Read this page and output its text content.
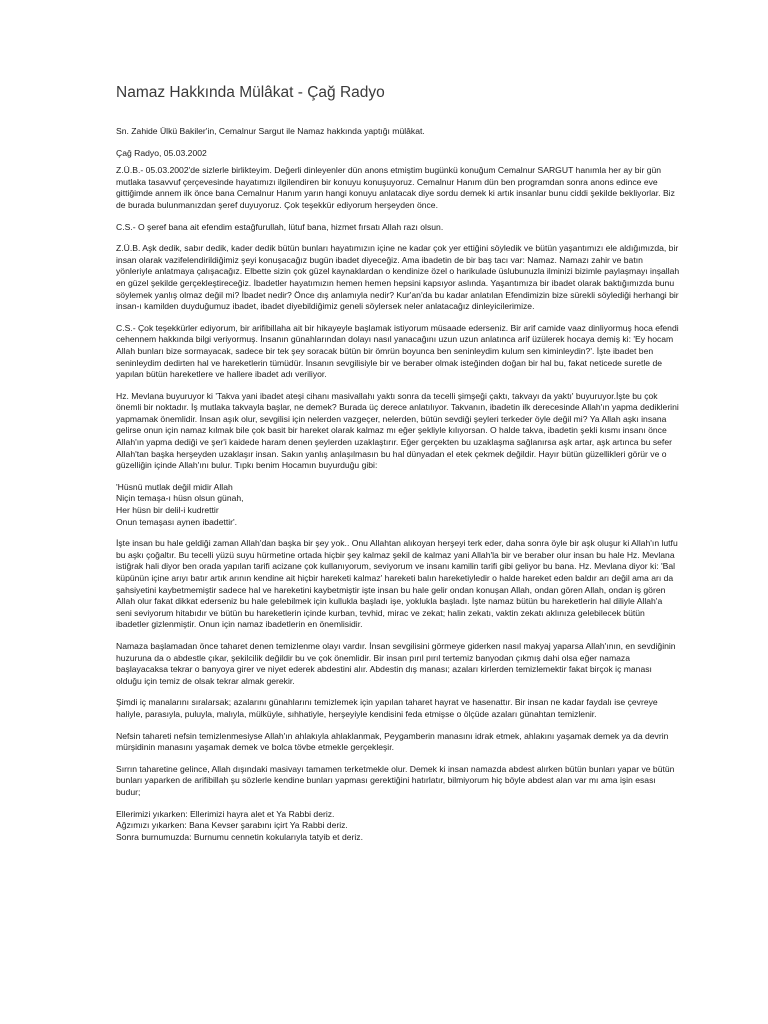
Namaz Hakkında Mülâkat - Çağ Radyo

Sn. Zahide Ülkü Bakiler'in, Cemalnur Sargut ile Namaz hakkında yaptığı mülâkat.

Çağ Radyo, 05.03.2002

Z.Ü.B.- 05.03.2002'de sizlerle birlikteyim. Değerli dinleyenler dün anons etmiştim bugünkü konuğum Cemalnur SARGUT hanımla her ay bir gün mutlaka tasavvuf çerçevesinde hayatımızı ilgilendiren bir konuyu konuşuyoruz. Cemalnur Hanım dün ben programdan sonra anons edince eve gittiğimde annem ilk önce bana Cemalnur Hanım yarın hangi konuyu anlatacak diye sordu demek ki artık insanlar bunu ciddi şekilde bekliyorlar. Biz de burada bulunmanızdan şeref duyuyoruz. Çok teşekkür ediyorum herşeyden önce.

C.S.- O şeref bana ait efendim estağfurullah, lütuf bana, hizmet fırsatı Allah razı olsun.

Z.Ü.B. Aşk dedik, sabır dedik, kader dedik bütün bunları hayatımızın içine ne kadar çok yer ettiğini söyledik ve bütün yaşantımızı ele aldığımızda, bir insan olarak vazifelendirildiğimiz şeyi konuşacağız bugün ibadet diyeceğiz. Ama ibadetin de bir baş tacı var: Namaz. Namazı zahir ve batın yönleriyle anlatmaya çalışacağız. Elbette sizin çok güzel kaynaklardan o kendinize özel o harikulade üslubunuzla ilminizi bizimle paylaşmayı inşallah en güzel şekilde gerçekleştireceğiz. İbadetler hayatımızın hemen hemen hepsini kapsıyor aslında. Yaşantımıza bir ibadet olarak baktığımızda bunu söylemek yanlış olmaz değil mi? İbadet nedir? Önce dış anlamıyla nedir? Kur'an'da bu kadar anlatılan Efendimizin bize sürekli söylediği herhangi bir insan-ı kamilden duyduğumuz ibadet, ibadet diyebildiğimiz geneli söylersek neler anlatacağız dinleyicilerimize.

C.S.- Çok teşekkürler ediyorum, bir arifibillaha ait bir hikayeyle başlamak istiyorum müsaade ederseniz. Bir arif camide vaaz dinliyormuş hoca efendi cehennem hakkında bilgi veriyormuş. İnsanın günahlarından dolayı nasıl yanacağını uzun uzun anlatınca arif üzülerek hocaya demiş ki: 'Ey hocam Allah bunları bize sormayacak, sadece bir tek şey soracak bütün bir ömrün boyunca ben seninleydim kulum sen kiminleydin?'. İşte ibadet ben seninleydim dedirten hal ve hareketlerin tümüdür. İnsanın sevgilisiyle bir ve beraber olmak isteğinden doğan bir hal bu, fakat neticede suretle de yapılan bütün hareketlere ve hallere ibadet adı veriliyor.

Hz. Mevlana buyuruyor ki 'Takva yani ibadet ateşi cihanı masivallahı yaktı sonra da tecelli şimşeği çaktı, takvayı da yaktı' buyuruyor.İşte bu çok önemli bir noktadır. İş mutlaka takvayla başlar, ne demek? Burada üç derece anlatılıyor. Takvanın, ibadetin ilk derecesinde Allah'ın yapma dediklerini yapmamak önemlidir. İnsan aşık olur, sevgilisi için nelerden vazgeçer, nelerden, bütün sevdiği şeyleri terkeder öyle değil mi? Ya Allah aşkı insana gelirse onun için namaz kılmak bile çok basit bir hareket olarak kalmaz mı eğer şekliyle kılıyorsan. O halde takva, ibadetin şekli kısmı insanı önce Allah'ın yapma dediği ve şer'i kaidede haram denen şeylerden uzaklaştırır. Eğer gerçekten bu uzaklaşma sağlanırsa aşk artar, aşk artınca bu sefer Allah'tan başka herşeyden uzaklaşır insan. Sakın yanlış anlaşılmasın bu hal dünyadan el etek çekmek değildir. Hayır bütün güzellikleri görür ve o güzelliğin içinde Allah'ını bulur. Tıpkı benim Hocamın buyurduğu gibi:

'Hüsnü mutlak değil midir Allah
Niçin temaşa-ı hüsn olsun günah,
Her hüsn bir delil-i kudrettir
Onun temaşası aynen ibadettir'.

İşte insan bu hale geldiği zaman Allah'dan başka bir şey yok.. Onu Allahtan alıkoyan herşeyi terk eder, daha sonra öyle bir aşk oluşur ki Allah'ın lutfu bu aşkı çoğaltır. Bu tecelli yüzü suyu hürmetine ortada hiçbir şey kalmaz şekil de kalmaz yani Allah'la bir ve beraber olur insan bu hale Hz. Mevlana istiğrak hali diyor ben orada yapılan tarifi acizane çok kullanıyorum, seviyorum ve insanı kamilin tarifi gibi geliyor bu bana. Hz. Mevlana diyor ki: 'Bal küpünün içine arıyı batır artık arının kendine ait hiçbir hareketi kalmaz' hareketi balın hareketiyledir o halde hareket eden baldır arı değil ama arı da şahsiyetini kaybetmemiştir sadece hal ve hareketini kaybetmiştir işte insan bu hale gelir ondan konuşan Allah, ondan gören Allah, ondan iş gören Allah olur fakat dikkat ederseniz bu hale gelebilmek için kullukla başladı işe, yoklukla başladı. İşte namaz bütün bu hareketlerin hal diliyle Allah'a seni seviyorum hitabıdır ve bütün bu hareketlerin içinde kurban, tevhid, mirac ve zekat; halin zekatı, vaktin zekatı aklınıza gelebilecek bütün ibadetler gizlenmiştir. Onun için namaz ibadetlerin en önemlisidir.

Namaza başlamadan önce taharet denen temizlenme olayı vardır. İnsan sevgilisini görmeye giderken nasıl makyaj yaparsa Allah'ının, en sevdiğinin huzuruna da o abdestle çıkar, şekilcilik değildir bu ve çok önemlidir. Bir insan pırıl pırıl tertemiz banyodan çıkmış dahi olsa eğer namaza başlayacaksa tekrar o banyoya girer ve niyet ederek abdestini alır. Abdestin dış manası; azaları kirlerden temizlemektir fakat birçok iç manası olduğu için temiz de olsak tekrar almak gerekir.

Şimdi iç manalarını sıralarsak; azalarını günahlarını temizlemek için yapılan taharet hayrat ve hasenattır. Bir insan ne kadar faydalı ise çevreye haliyle, parasıyla, puluyla, malıyla, mülküyle, sıhhatiyle, herşeyiyle kendisini feda etmişse o ölçüde azaları günahtan temizlenir.

Nefsin tahareti nefsin temizlenmesiyse Allah'ın ahlakıyla ahlaklanmak, Peygamberin manasını idrak etmek, ahlakını yaşamak demek ya da devrin mürşidinin manasını yaşamak demek ve bolca tövbe etmekle gerçekleşir.

Sırrın taharetine gelince, Allah dışındaki masivayı tamamen terketmekle olur. Demek ki insan namazda abdest alırken bütün bunları yapar ve bütün bunları yaparken de arifibillah şu sözlerle kendine bunları yapması gerektiğini hatırlatır, bilmiyorum hiç böyle abdest alan var mı ama işin esası budur;

Ellerimizi yıkarken: Ellerimizi hayra alet et Ya Rabbi deriz.
Ağzımızı yıkarken: Bana Kevser şarabını içirt Ya Rabbi deriz.
Sonra burnumuzda: Burnumu cennetin kokularıyla tatyib et deriz.
